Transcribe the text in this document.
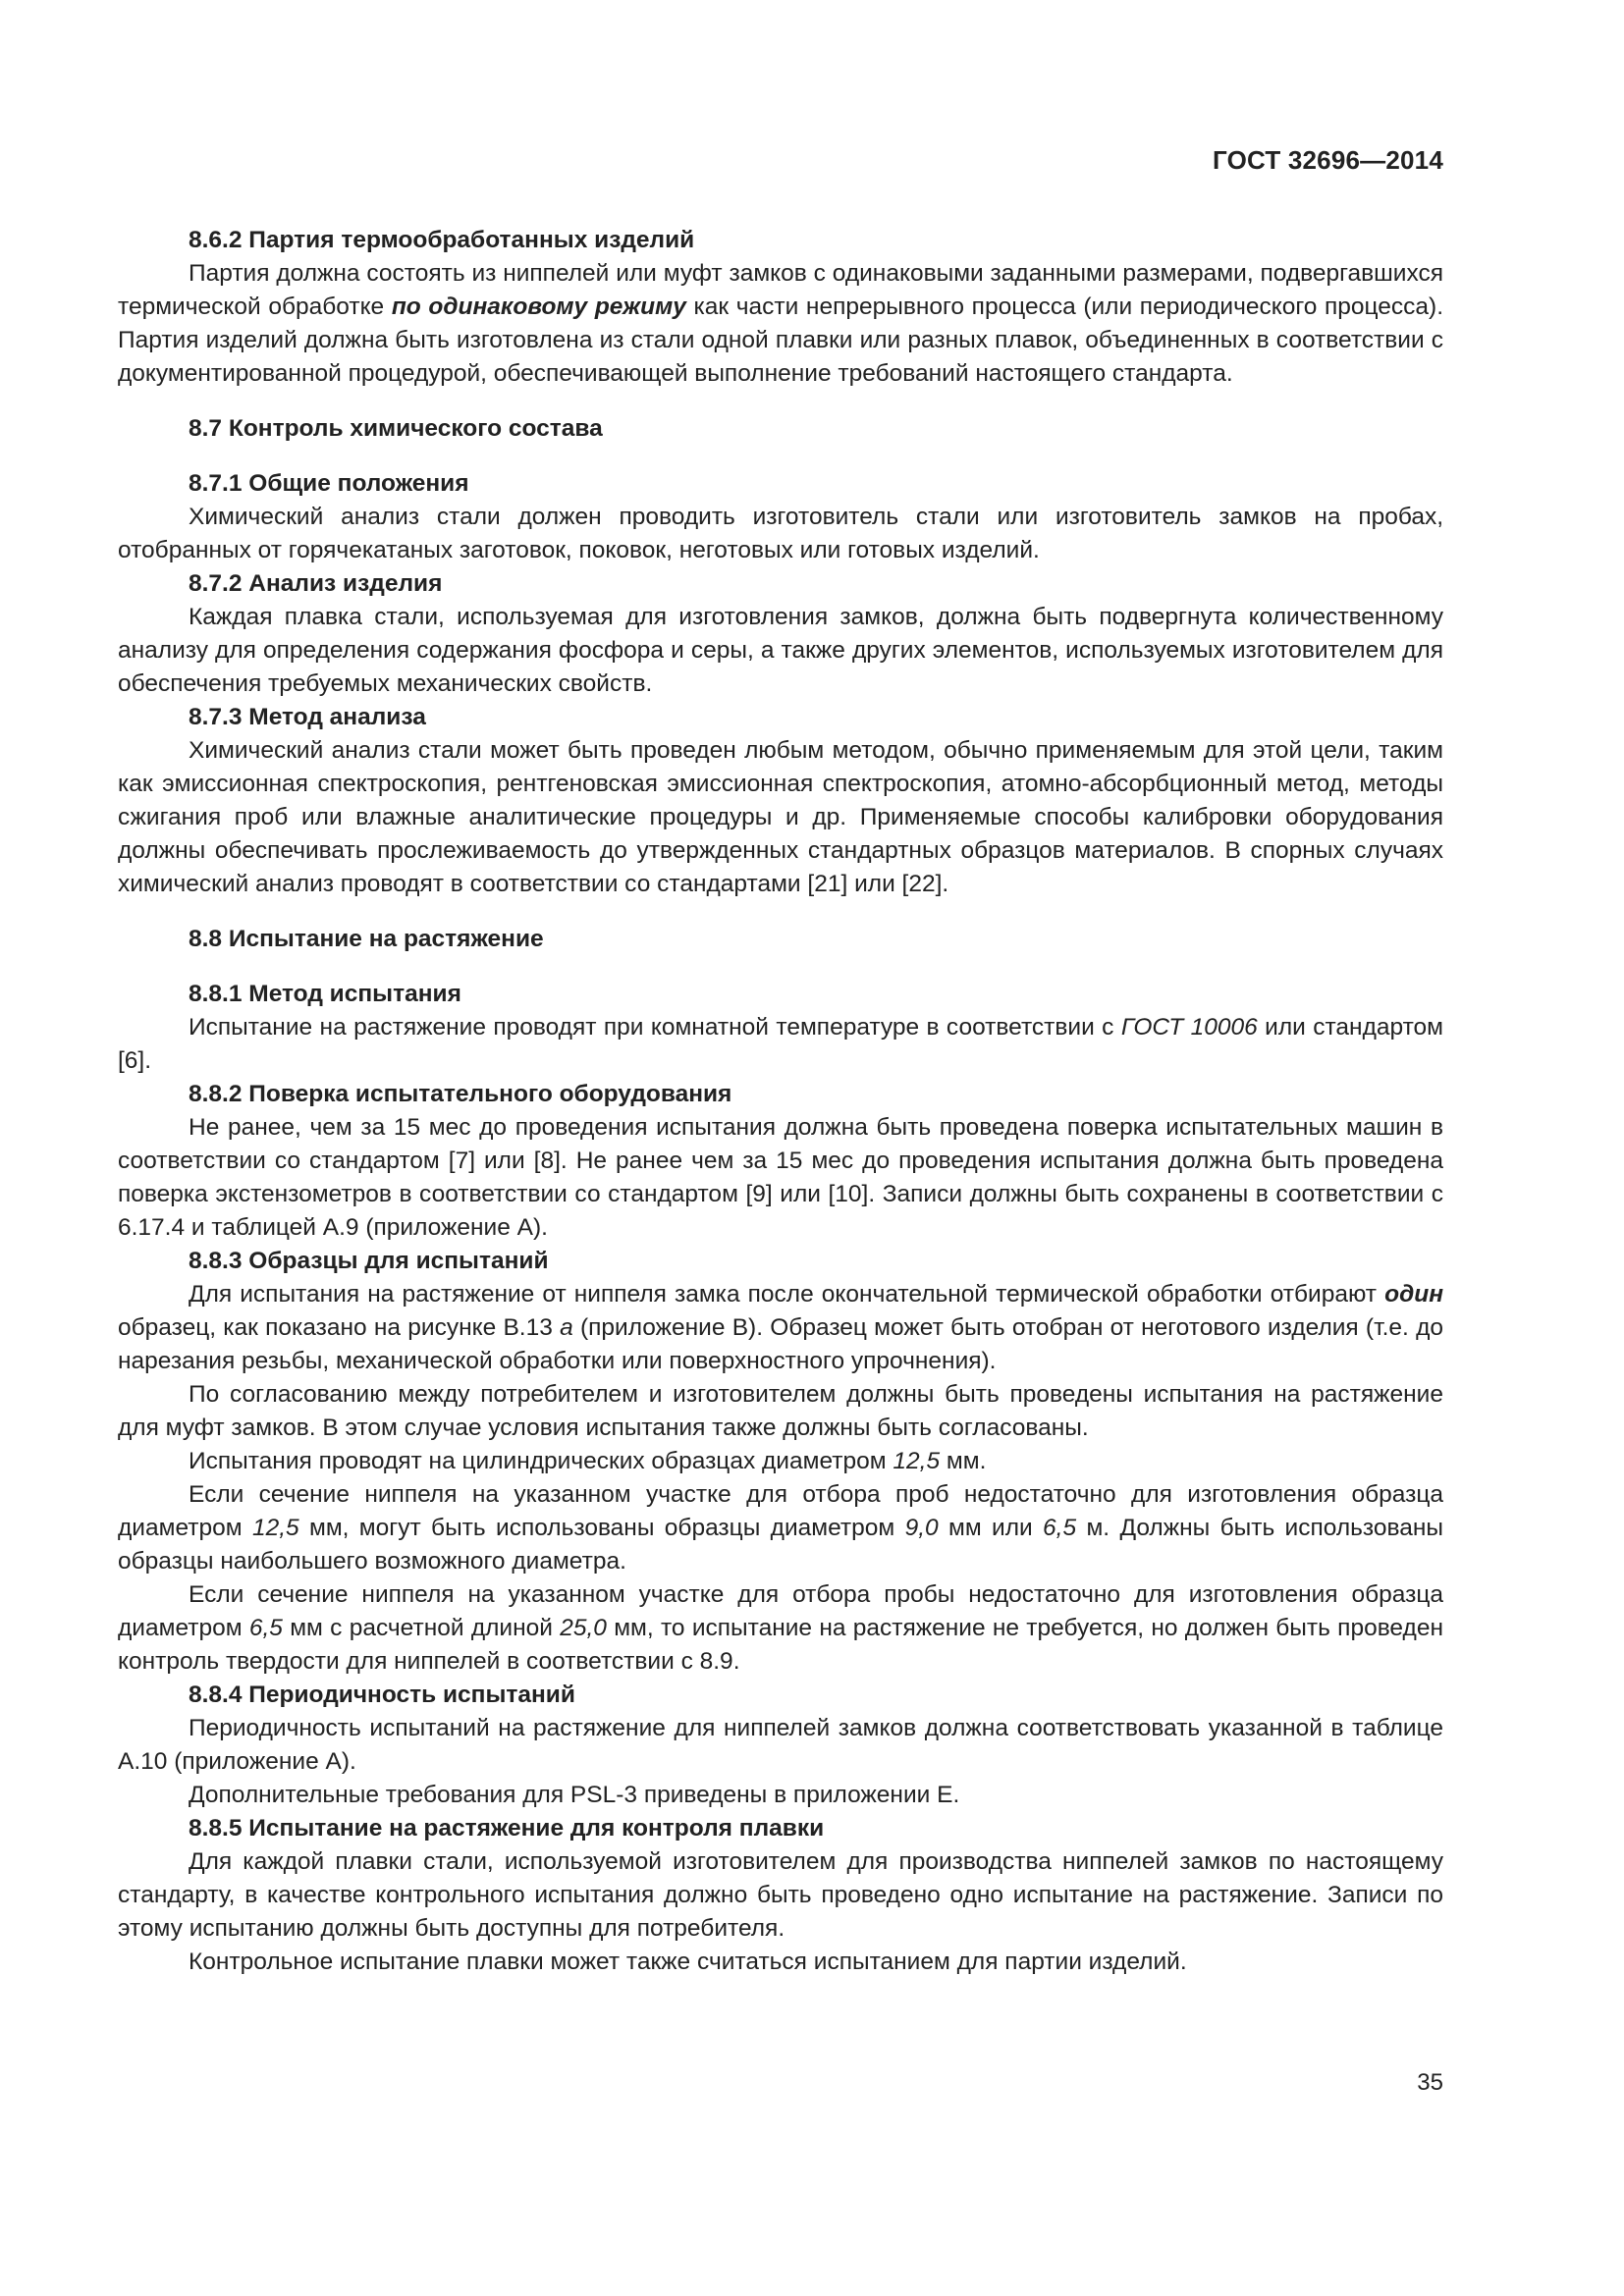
ГОСТ 32696—2014
8.6.2 Партия термообработанных изделий

Партия должна состоять из ниппелей или муфт замков с одинаковыми заданными размерами, подвергавшихся термической обработке по одинаковому режиму как части непрерывного процесса (или периодического процесса). Партия изделий должна быть изготовлена из стали одной плавки или разных плавок, объединенных в соответствии с документированной процедурой, обеспечивающей выполнение требований настоящего стандарта.

8.7 Контроль химического состава
8.7.1 Общие положения

Химический анализ стали должен проводить изготовитель стали или изготовитель замков на пробах, отобранных от горячекатаных заготовок, поковок, неготовых или готовых изделий.

8.7.2 Анализ изделия

Каждая плавка стали, используемая для изготовления замков, должна быть подвергнута количественному анализу для определения содержания фосфора и серы, а также других элементов, используемых изготовителем для обеспечения требуемых механических свойств.

8.7.3 Метод анализа

Химический анализ стали может быть проведен любым методом, обычно применяемым для этой цели, таким как эмиссионная спектроскопия, рентгеновская эмиссионная спектроскопия, атомно-абсорбционный метод, методы сжигания проб или влажные аналитические процедуры и др. Применяемые способы калибровки оборудования должны обеспечивать прослеживаемость до утвержденных стандартных образцов материалов. В спорных случаях химический анализ проводят в соответствии со стандартами [21] или [22].

8.8 Испытание на растяжение
8.8.1 Метод испытания

Испытание на растяжение проводят при комнатной температуре в соответствии с ГОСТ 10006 или стандартом [6].

8.8.2 Поверка испытательного оборудования

Не ранее, чем за 15 мес до проведения испытания должна быть проведена поверка испытательных машин в соответствии со стандартом [7] или [8]. Не ранее чем за 15 мес до проведения испытания должна быть проведена поверка экстензометров в соответствии со стандартом [9] или [10]. Записи должны быть сохранены в соответствии с 6.17.4 и таблицей А.9 (приложение А).

8.8.3 Образцы для испытаний

Для испытания на растяжение от ниппеля замка после окончательной термической обработки отбирают один образец, как показано на рисунке В.13 а (приложение В). Образец может быть отобран от неготового изделия (т.е. до нарезания резьбы, механической обработки или поверхностного упрочнения).

По согласованию между потребителем и изготовителем должны быть проведены испытания на растяжение для муфт замков. В этом случае условия испытания также должны быть согласованы.

Испытания проводят на цилиндрических образцах диаметром 12,5 мм.

Если сечение ниппеля на указанном участке для отбора проб недостаточно для изготовления образца диаметром 12,5 мм, могут быть использованы образцы диаметром 9,0 мм или 6,5 м. Должны быть использованы образцы наибольшего возможного диаметра.

Если сечение ниппеля на указанном участке для отбора пробы недостаточно для изготовления образца диаметром 6,5 мм с расчетной длиной 25,0 мм, то испытание на растяжение не требуется, но должен быть проведен контроль твердости для ниппелей в соответствии с 8.9.

8.8.4 Периодичность испытаний

Периодичность испытаний на растяжение для ниппелей замков должна соответствовать указанной в таблице А.10 (приложение А).

Дополнительные требования для PSL-3 приведены в приложении Е.

8.8.5 Испытание на растяжение для контроля плавки

Для каждой плавки стали, используемой изготовителем для производства ниппелей замков по настоящему стандарту, в качестве контрольного испытания должно быть проведено одно испытание на растяжение. Записи по этому испытанию должны быть доступны для потребителя.

Контрольное испытание плавки может также считаться испытанием для партии изделий.

35
